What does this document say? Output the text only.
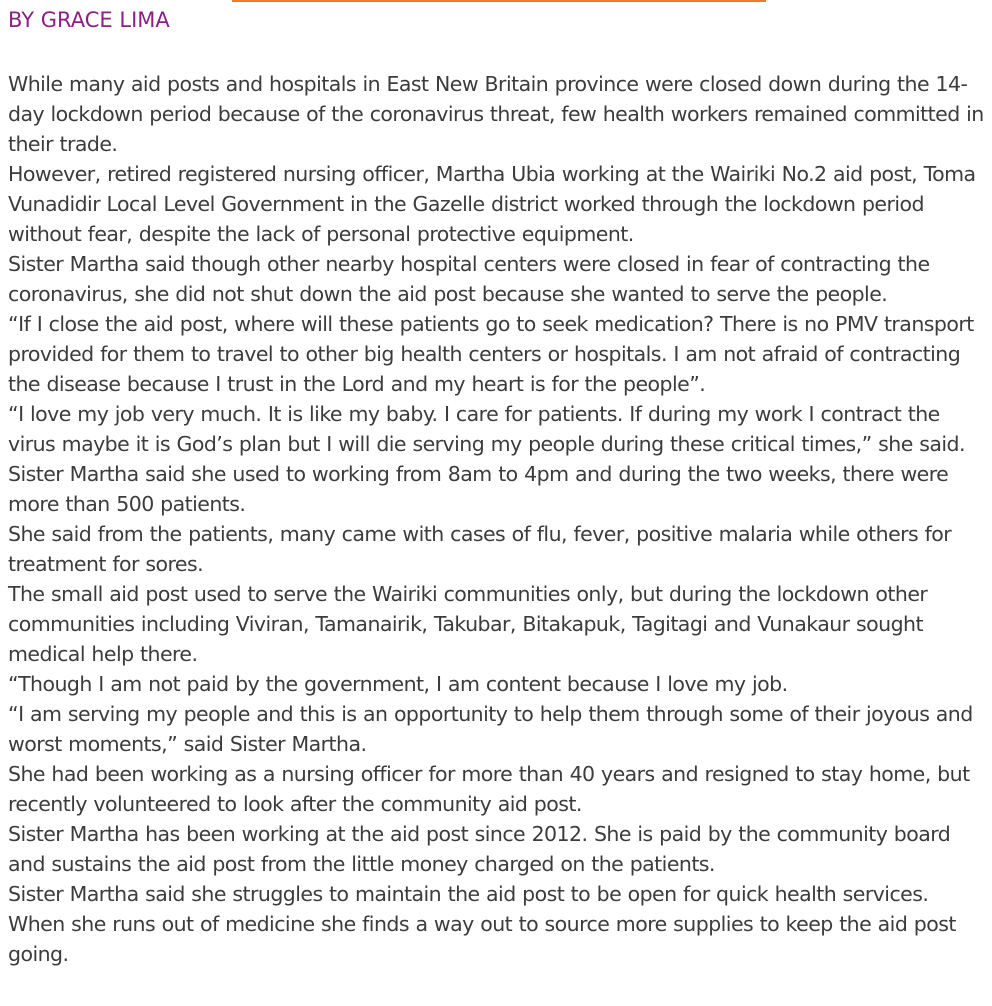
BY GRACE LIMA

While many aid posts and hospitals in East New Britain province were closed down during the 14-day lockdown period because of the coronavirus threat, few health workers remained committed in their trade.

However, retired registered nursing officer, Martha Ubia working at the Wairiki No.2 aid post, Toma Vunadidir Local Level Government in the Gazelle district worked through the lockdown period without fear, despite the lack of personal protective equipment.

Sister Martha said though other nearby hospital centers were closed in fear of contracting the coronavirus, she did not shut down the aid post because she wanted to serve the people.

“If I close the aid post, where will these patients go to seek medication? There is no PMV transport provided for them to travel to other big health centers or hospitals. I am not afraid of contracting the disease because I trust in the Lord and my heart is for the people”.

“I love my job very much. It is like my baby. I care for patients. If during my work I contract the virus maybe it is God’s plan but I will die serving my people during these critical times,” she said.

Sister Martha said she used to working from 8am to 4pm and during the two weeks, there were more than 500 patients.

She said from the patients, many came with cases of flu, fever, positive malaria while others for treatment for sores.

The small aid post used to serve the Wairiki communities only, but during the lockdown other communities including Viviran, Tamanairik, Takubar, Bitakapuk, Tagitagi and Vunakaur sought medical help there.

“Though I am not paid by the government, I am content because I love my job.

“I am serving my people and this is an opportunity to help them through some of their joyous and worst moments,” said Sister Martha.

She had been working as a nursing officer for more than 40 years and resigned to stay home, but recently volunteered to look after the community aid post.

Sister Martha has been working at the aid post since 2012. She is paid by the community board and sustains the aid post from the little money charged on the patients.

Sister Martha said she struggles to maintain the aid post to be open for quick health services. When she runs out of medicine she finds a way out to source more supplies to keep the aid post going.
